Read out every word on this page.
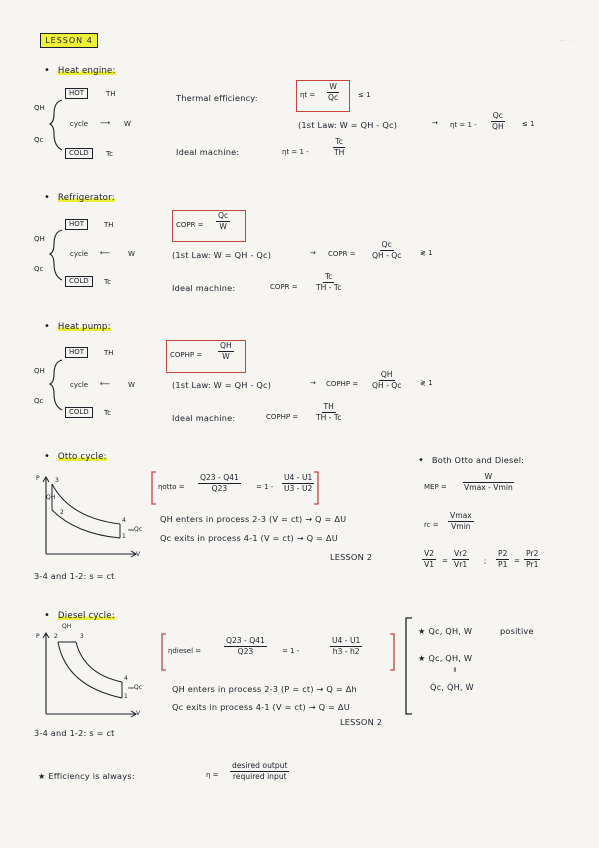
⌐ .:
LESSON 4
• Heat engine:
HOT	TH
QH
Qc
cycle ⟶ W
COLD	Tc
Thermal efficiency:	$\eta t = \frac{W}{Qc}$	≤ 1
(1st Law: W = QH - Qc)	→ $\eta t = 1 - \frac{Qc}{QH} \le 1$
Ideal machine:	ηt = 1 -	$\frac{Tc}{TH}$
• Refrigerator:
HOT	TH
QH
Qc
cycle ⟵	W
COLD	Tc
COPR = $\frac{Qc}{W}$
(1st Law: W = QH - Qc)	→ COPR = $\frac{Qc}{QH - Qc}$ ≷ 1
Ideal machine:	COPR = $\frac{Tc}{TH - Tc}$
• Heat pump:
HOT	TH
QH
Qc
cycle ⟵	W
COLD	Tc
COPHP = $\frac{QH}{W}$
(1st Law: W = QH - Qc)	→ COPHP = $\frac{QH}{QH - Qc}$ ≷ 1
Ideal machine:	COPHP = $\frac{TH}{TH - Tc}$
• Otto cycle:
P
V
3
2
4
1
QH
Qc
3-4 and 1-2: s = ct
ηotto = $\frac{Q23 - Q41}{Q23} = 1 - \frac{U4 - U1}{U3 - U2}$
QH enters in process 2-3 (V = ct) → Q = ΔU
Qc exits in process 4-1 (V = ct) → Q = ΔU
LESSON 2
• Both Otto and Diesel:
MEP =
W
Vmax - Vmin
rc =
Vmax
Vmin
$\frac{V2}{V1} = \frac{Vr2}{Vr1}$ ; $\frac{P2}{P1} = \frac{Pr2}{Pr1}$
• Diesel cycle:
P
V
2	3
4
1
QH
Qc
3-4 and 1-2: s = ct
ηdiesel =	$\frac{Q23 - Q41}{Q23} = 1$ -	$\frac{U4 - U1}{h3 - h2}$
QH enters in process 2-3 (P = ct) → Q = Δh
Qc exits in process 4-1 (V = ct) → Q = ΔU
LESSON 2
★ Qc, QH, W	positive
★ Qc, QH, W
=
Q̇c, Q̇H, Ẇ
★ Efficiency is always:	η =
desired output
required input
